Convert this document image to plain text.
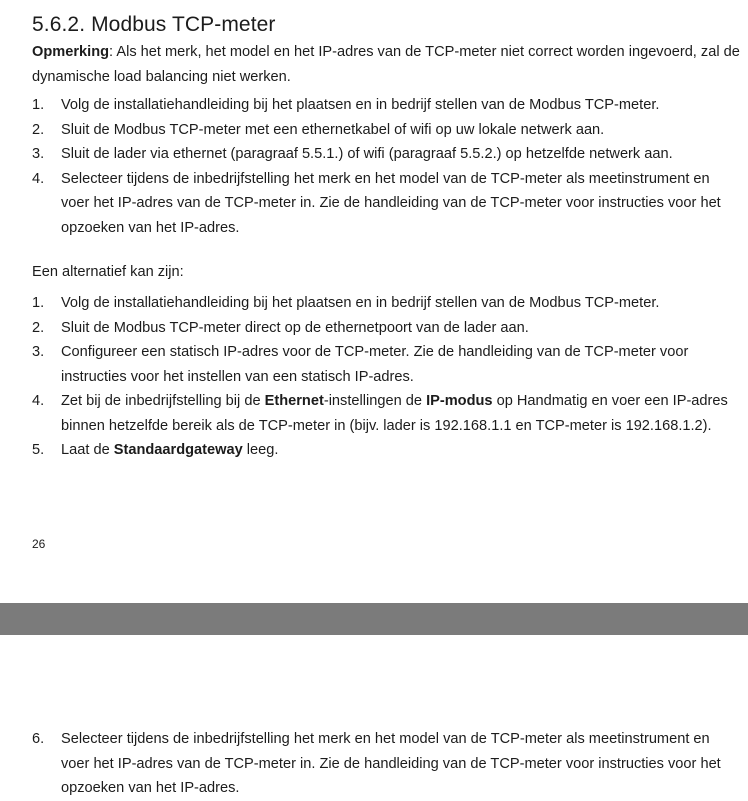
5.6.2. Modbus TCP-meter

Opmerking: Als het merk, het model en het IP-adres van de TCP-meter niet correct worden ingevoerd, zal de dynamische load balancing niet werken.

1. Volg de installatiehandleiding bij het plaatsen en in bedrijf stellen van de Modbus TCP-meter.
2. Sluit de Modbus TCP-meter met een ethernetkabel of wifi op uw lokale netwerk aan.
3. Sluit de lader via ethernet (paragraaf 5.5.1.) of wifi (paragraaf 5.5.2.) op hetzelfde netwerk aan.
4. Selecteer tijdens de inbedrijfstelling het merk en het model van de TCP-meter als meetinstrument en voer het IP-adres van de TCP-meter in. Zie de handleiding van de TCP-meter voor instructies voor het opzoeken van het IP-adres.

Een alternatief kan zijn:

1. Volg de installatiehandleiding bij het plaatsen en in bedrijf stellen van de Modbus TCP-meter.
2. Sluit de Modbus TCP-meter direct op de ethernetpoort van de lader aan.
3. Configureer een statisch IP-adres voor de TCP-meter. Zie de handleiding van de TCP-meter voor instructies voor het instellen van een statisch IP-adres.
4. Zet bij de inbedrijfstelling bij de Ethernet-instellingen de IP-modus op Handmatig en voer een IP-adres binnen hetzelfde bereik als de TCP-meter in (bijv. lader is 192.168.1.1 en TCP-meter is 192.168.1.2).
5. Laat de Standaardgateway leeg.
26
6. Selecteer tijdens de inbedrijfstelling het merk en het model van de TCP-meter als meetinstrument en voer het IP-adres van de TCP-meter in. Zie de handleiding van de TCP-meter voor instructies voor het opzoeken van het IP-adres.
